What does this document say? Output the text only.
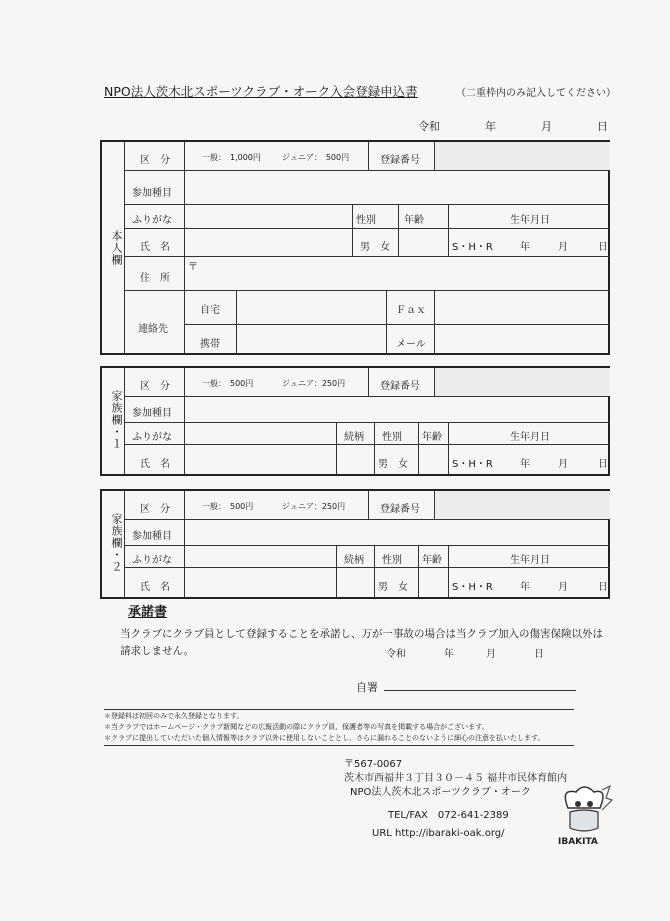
NPO法人茨木北スポーツクラブ・オーク入会登録申込書	（二重枠内のみ記入してください）
令和	年	月	日
本人欄
区　分	一般：　1,000円	ジュニア：　500円	登録番号
参加種目
ふりがな	性別	年齢	生年月日
氏　名	男　女	S・H・R	年	月	日
住　所
〒
連絡先
自宅	Ｆａｘ
携帯	メール
家族欄・１
区　分	一般：　500円	ジュニア：250円	登録番号
参加種目
ふりがな	続柄 性別 年齢	生年月日
氏　名	男　女	S・H・R	年	月	日
家族欄・２
区　分	一般：　500円	ジュニア：250円	登録番号
参加種目
ふりがな	続柄 性別 年齢	生年月日
氏　名	男　女	S・H・R	年	月	日
承諾書
当クラブにクラブ員として登録することを承諾し、万が一事故の場合は当クラブ加入の傷害保険以外は
請求しません。	令和	年	月	日
自署
＊登録料は初回のみで永久登録となります。
＊当クラブではホームページ・クラブ新聞などの広報活動の際にクラブ員、保護者等の写真を掲載する場合がございます。
＊クラブに提出していただいた個人情報等はクラブ以外に使用しないこととし、さらに漏れることのないように細心の注意を払いたします。
〒567-0067
茨木市西福井３丁目３０－４５ 福井市民体育館内
NPO法人茨木北スポーツクラブ・オーク
TEL/FAX　072-641-2389
URL http://ibaraki-oak.org/
IBAKITA
